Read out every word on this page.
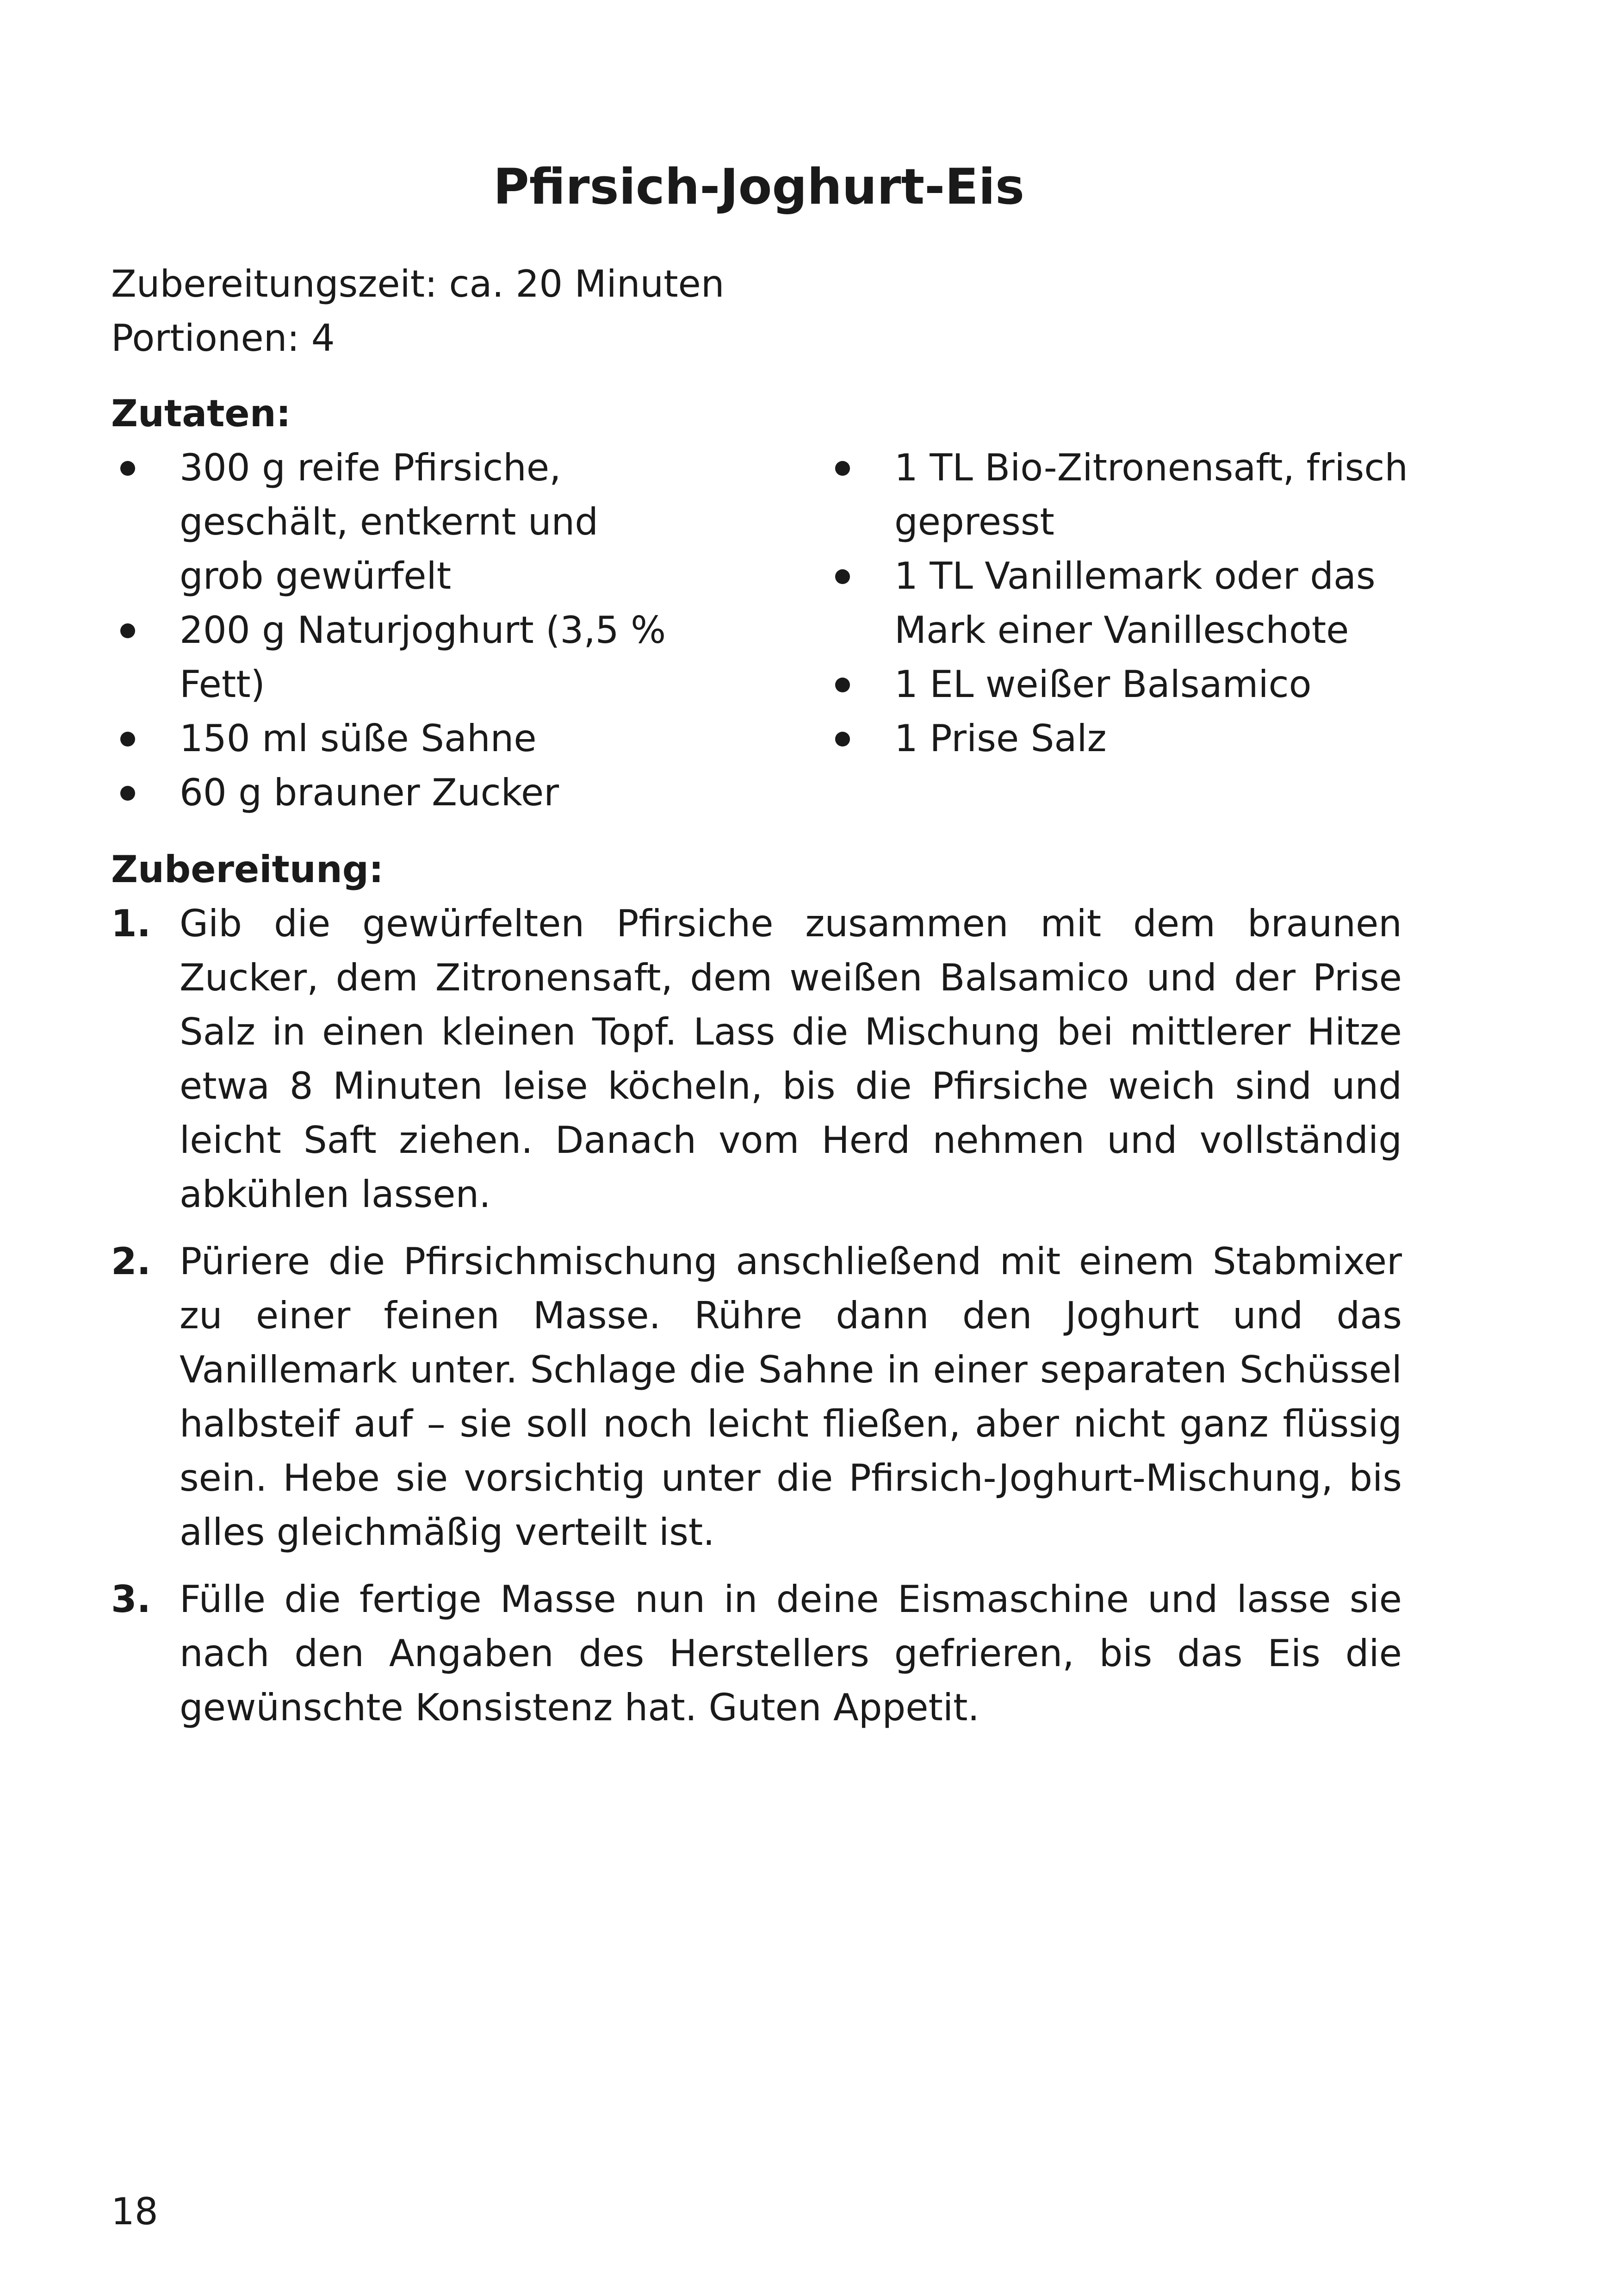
Pfirsich-Joghurt-Eis
Zubereitungszeit: ca. 20 Minuten
Portionen: 4
Zutaten:
300 g reife Pfirsiche, geschält, entkernt und grob gewürfelt
200 g Naturjoghurt (3,5 % Fett)
150 ml süße Sahne
60 g brauner Zucker
1 TL Bio-Zitronensaft, frisch gepresst
1 TL Vanillemark oder das Mark einer Vanilleschote
1 EL weißer Balsamico
1 Prise Salz
Zubereitung:
1. Gib die gewürfelten Pfirsiche zusammen mit dem braunen Zucker, dem Zitronensaft, dem weißen Balsamico und der Prise Salz in einen kleinen Topf. Lass die Mischung bei mittlerer Hitze etwa 8 Minuten leise köcheln, bis die Pfirsiche weich sind und leicht Saft ziehen. Danach vom Herd nehmen und vollständig abkühlen lassen.
2. Püriere die Pfirsichmischung anschließend mit einem Stabmixer zu einer feinen Masse. Rühre dann den Joghurt und das Vanillemark unter. Schlage die Sahne in einer separaten Schüssel halbsteif auf – sie soll noch leicht fließen, aber nicht ganz flüssig sein. Hebe sie vorsichtig unter die Pfirsich-Joghurt-Mischung, bis alles gleichmäßig verteilt ist.
3. Fülle die fertige Masse nun in deine Eismaschine und lasse sie nach den Angaben des Herstellers gefrieren, bis das Eis die gewünschte Konsistenz hat. Guten Appetit.
18
